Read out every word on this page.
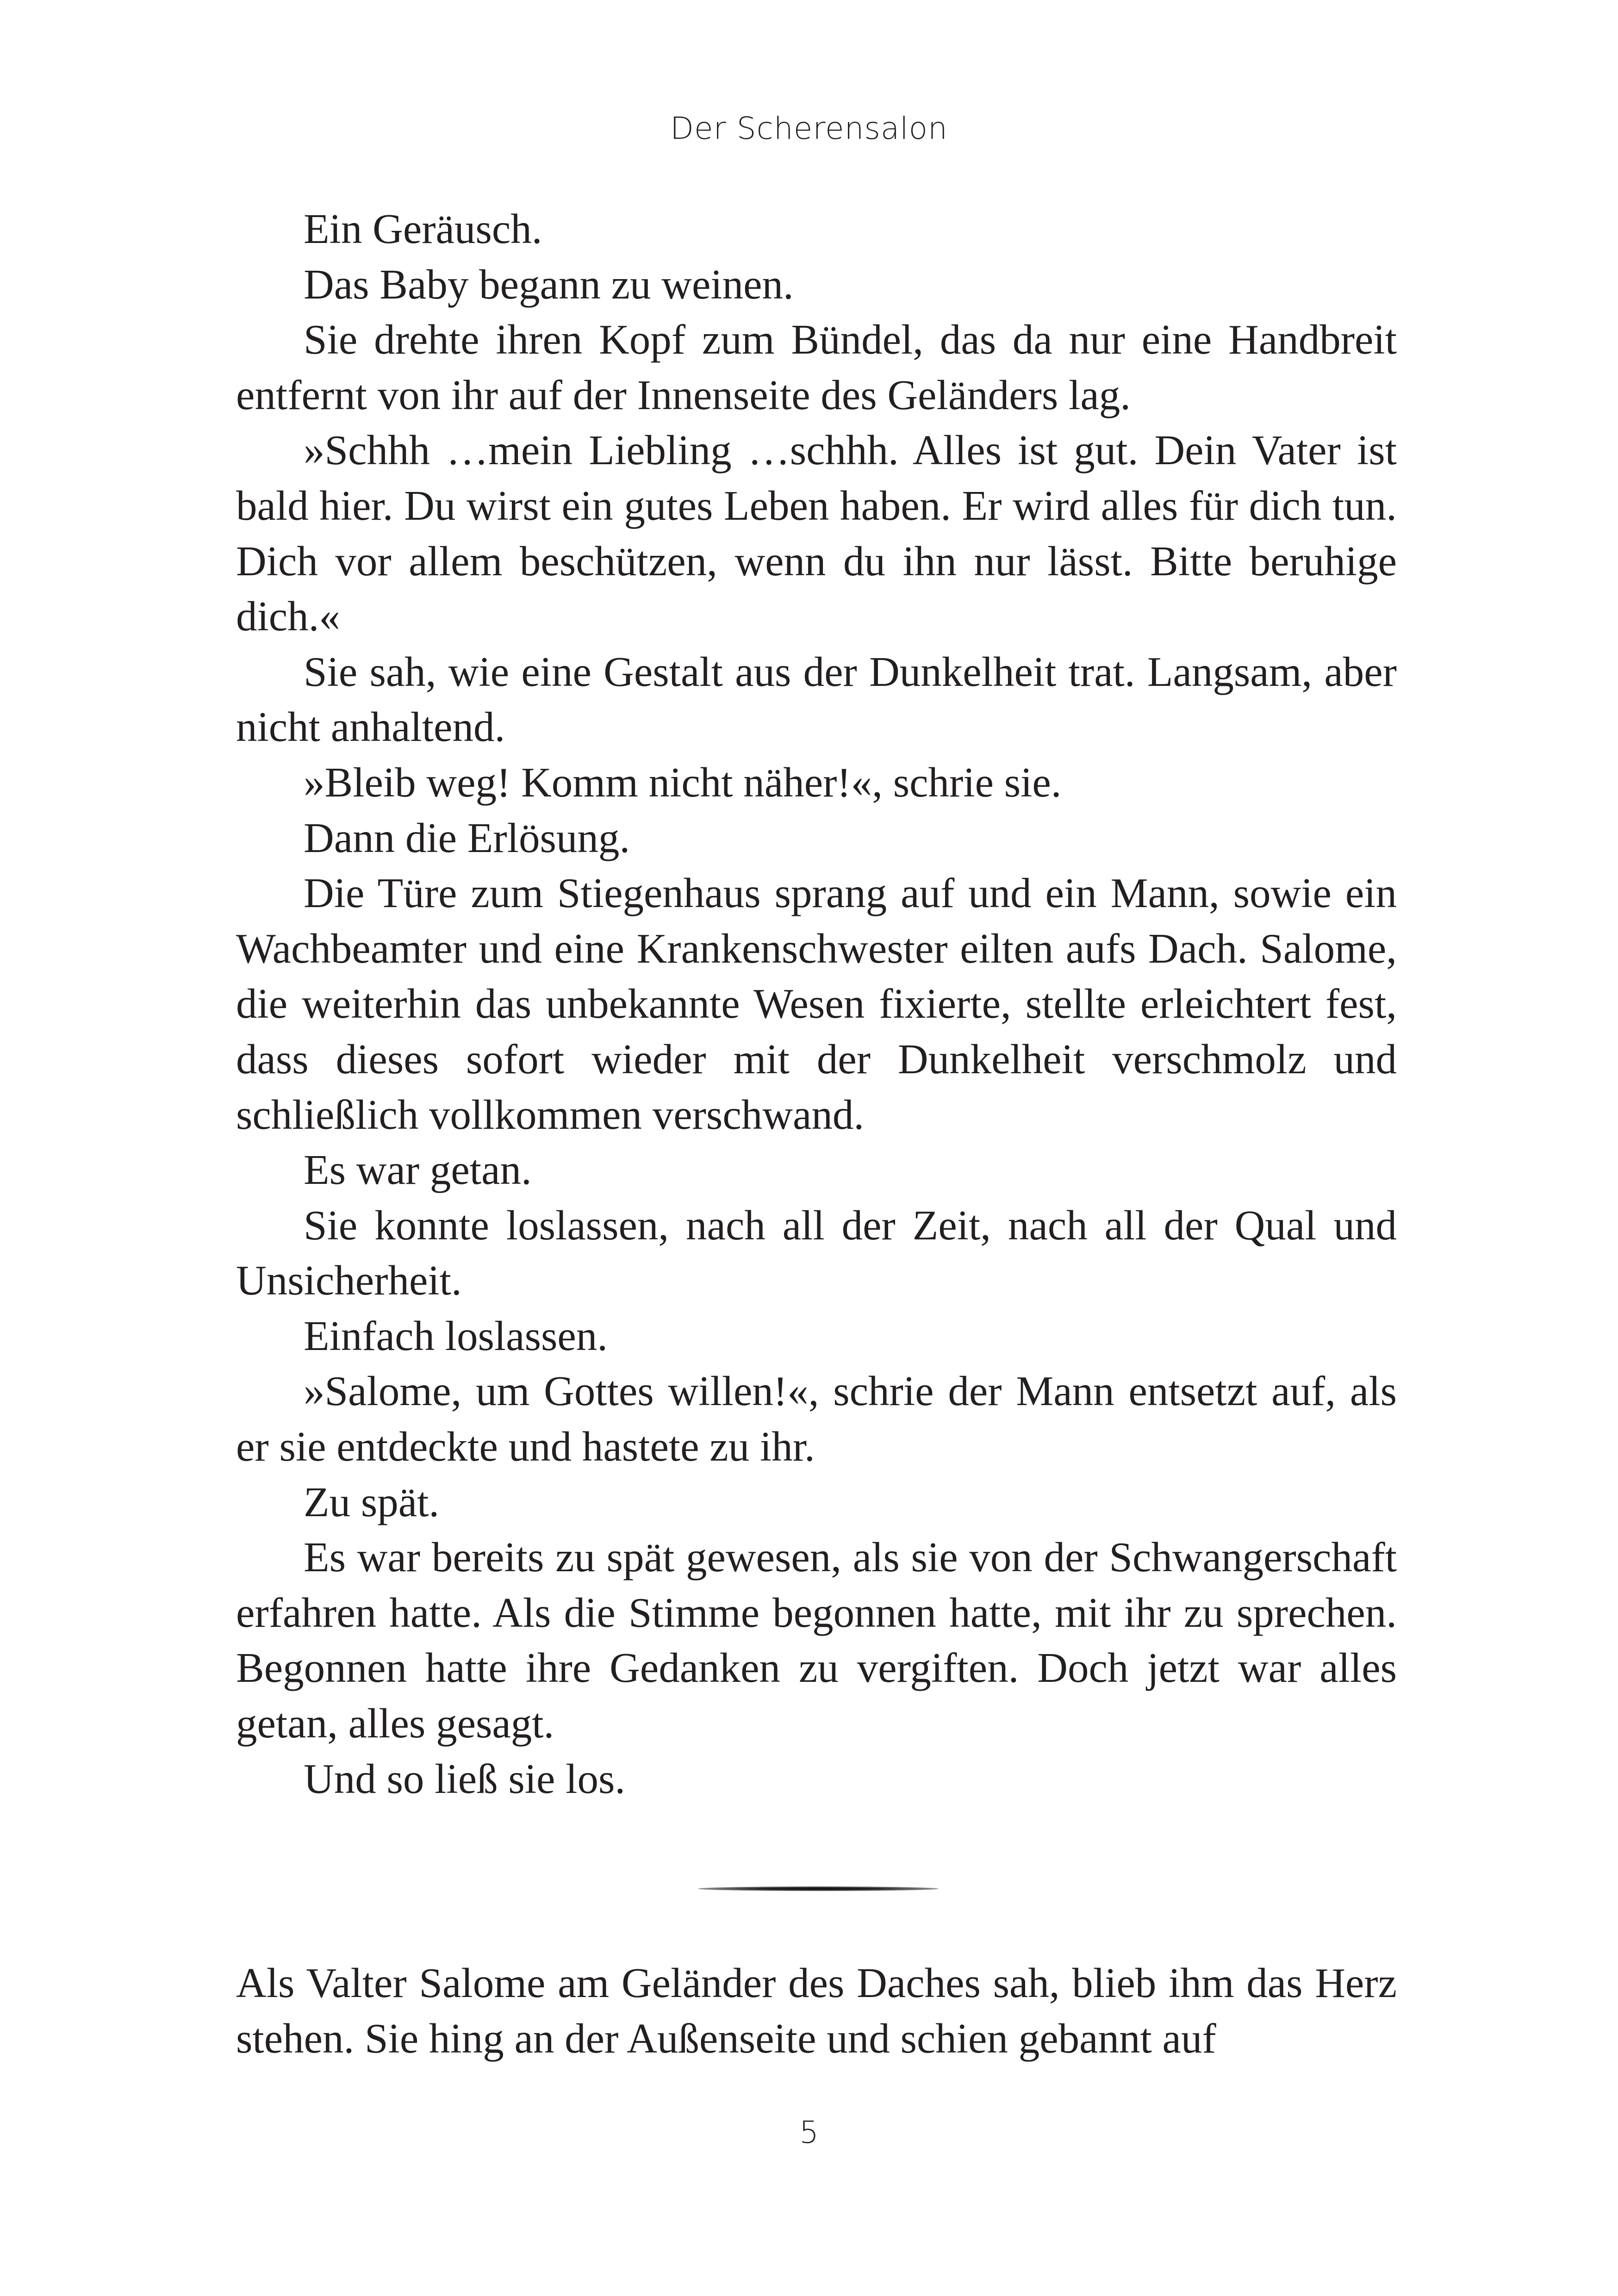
Der Scherensalon

Ein Geräusch.

Das Baby begann zu weinen.

Sie drehte ihren Kopf zum Bündel, das da nur eine Handbreit entfernt von ihr auf der Innenseite des Geländers lag.

»Schhh …mein Liebling …schhh. Alles ist gut. Dein Vater ist bald hier. Du wirst ein gutes Leben haben. Er wird alles für dich tun. Dich vor allem beschützen, wenn du ihn nur lässt. Bitte beruhige dich.«

Sie sah, wie eine Gestalt aus der Dunkelheit trat. Langsam, aber nicht anhaltend.

»Bleib weg! Komm nicht näher!«, schrie sie.

Dann die Erlösung.

Die Türe zum Stiegenhaus sprang auf und ein Mann, sowie ein Wachbeamter und eine Krankenschwester eilten aufs Dach. Salome, die weiterhin das unbekannte Wesen fixierte, stellte erleichtert fest, dass dieses sofort wieder mit der Dunkelheit verschmolz und schließlich vollkommen verschwand.

Es war getan.

Sie konnte loslassen, nach all der Zeit, nach all der Qual und Unsicherheit.

Einfach loslassen.

»Salome, um Gottes willen!«, schrie der Mann entsetzt auf, als er sie entdeckte und hastete zu ihr.

Zu spät.

Es war bereits zu spät gewesen, als sie von der Schwangerschaft erfahren hatte. Als die Stimme begonnen hatte, mit ihr zu sprechen. Begonnen hatte ihre Gedanken zu vergiften. Doch jetzt war alles getan, alles gesagt.

Und so ließ sie los.

Als Valter Salome am Geländer des Daches sah, blieb ihm das Herz stehen. Sie hing an der Außenseite und schien gebannt auf

5
